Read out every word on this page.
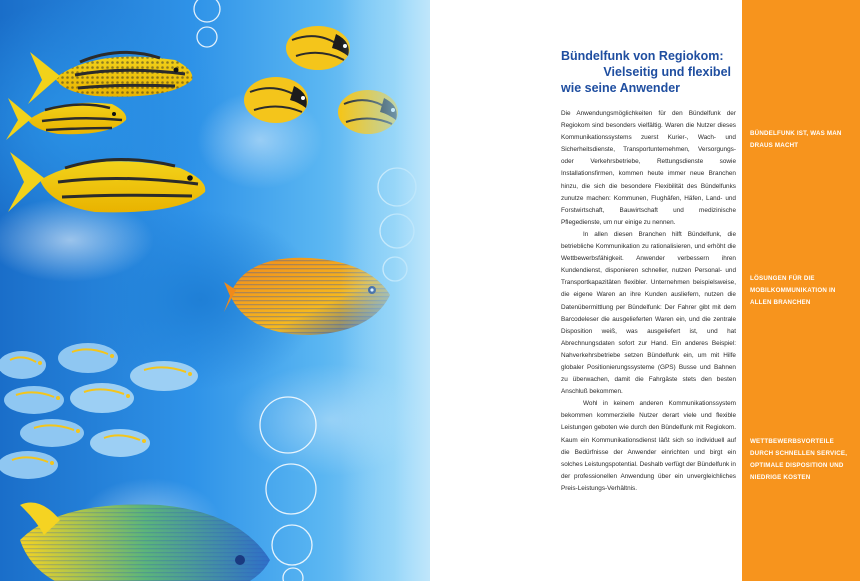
Bündelfunk von Regiokom:
Vielseitig und flexibel
wie seine Anwender

Die Anwendungsmöglichkeiten für den Bündelfunk der Regiokom sind besonders vielfältig. Waren die Nutzer dieses Kommunikationssystems zuerst Kurier-, Wach- und Sicherheitsdienste, Transportunternehmen, Versorgungs- oder Verkehrsbetriebe, Rettungsdienste sowie Installationsfirmen, kommen heute immer neue Branchen hinzu, die sich die besondere Flexibilität des Bündelfunks zunutze machen: Kommunen, Flughäfen, Häfen, Land- und Forstwirtschaft, Bauwirtschaft und medizinische Pflegedienste, um nur einige zu nennen.

In allen diesen Branchen hilft Bündelfunk, die betriebliche Kommunikation zu rationalisieren, und erhöht die Wettbewerbsfähigkeit. Anwender verbessern ihren Kundendienst, disponieren schneller, nutzen Personal- und Transportkapazitäten flexibler. Unternehmen beispielsweise, die eigene Waren an ihre Kunden ausliefern, nutzen die Datenübermittlung per Bündelfunk: Der Fahrer gibt mit dem Barcodeleser die ausgelieferten Waren ein, und die zentrale Disposition weiß, was ausgeliefert ist, und hat Abrechnungsdaten sofort zur Hand. Ein anderes Beispiel: Nahverkehrsbetriebe setzen Bündelfunk ein, um mit Hilfe globaler Positionierungssysteme (GPS) Busse und Bahnen zu überwachen, damit die Fahrgäste stets den besten Anschluß bekommen.

Wohl in keinem anderen Kommunikationssystem bekommen kommerzielle Nutzer derart viele und flexible Leistungen geboten wie durch den Bündelfunk mit Regiokom. Kaum ein Kommunikationsdienst läßt sich so individuell auf die Bedürfnisse der Anwender einrichten und birgt ein solches Leistungspotential. Deshalb verfügt der Bündelfunk in der professionellen Anwendung über ein unvergleichliches Preis-Leistungs-Verhältnis.

BÜNDELFUNK IST, WAS MAN DRAUS MACHT

LÖSUNGEN FÜR DIE MOBILKOMMUNIKATION IN ALLEN BRANCHEN

WETTBEWERBSVORTEILE DURCH SCHNELLEN SERVICE, OPTIMALE DISPOSITION UND NIEDRIGE KOSTEN
